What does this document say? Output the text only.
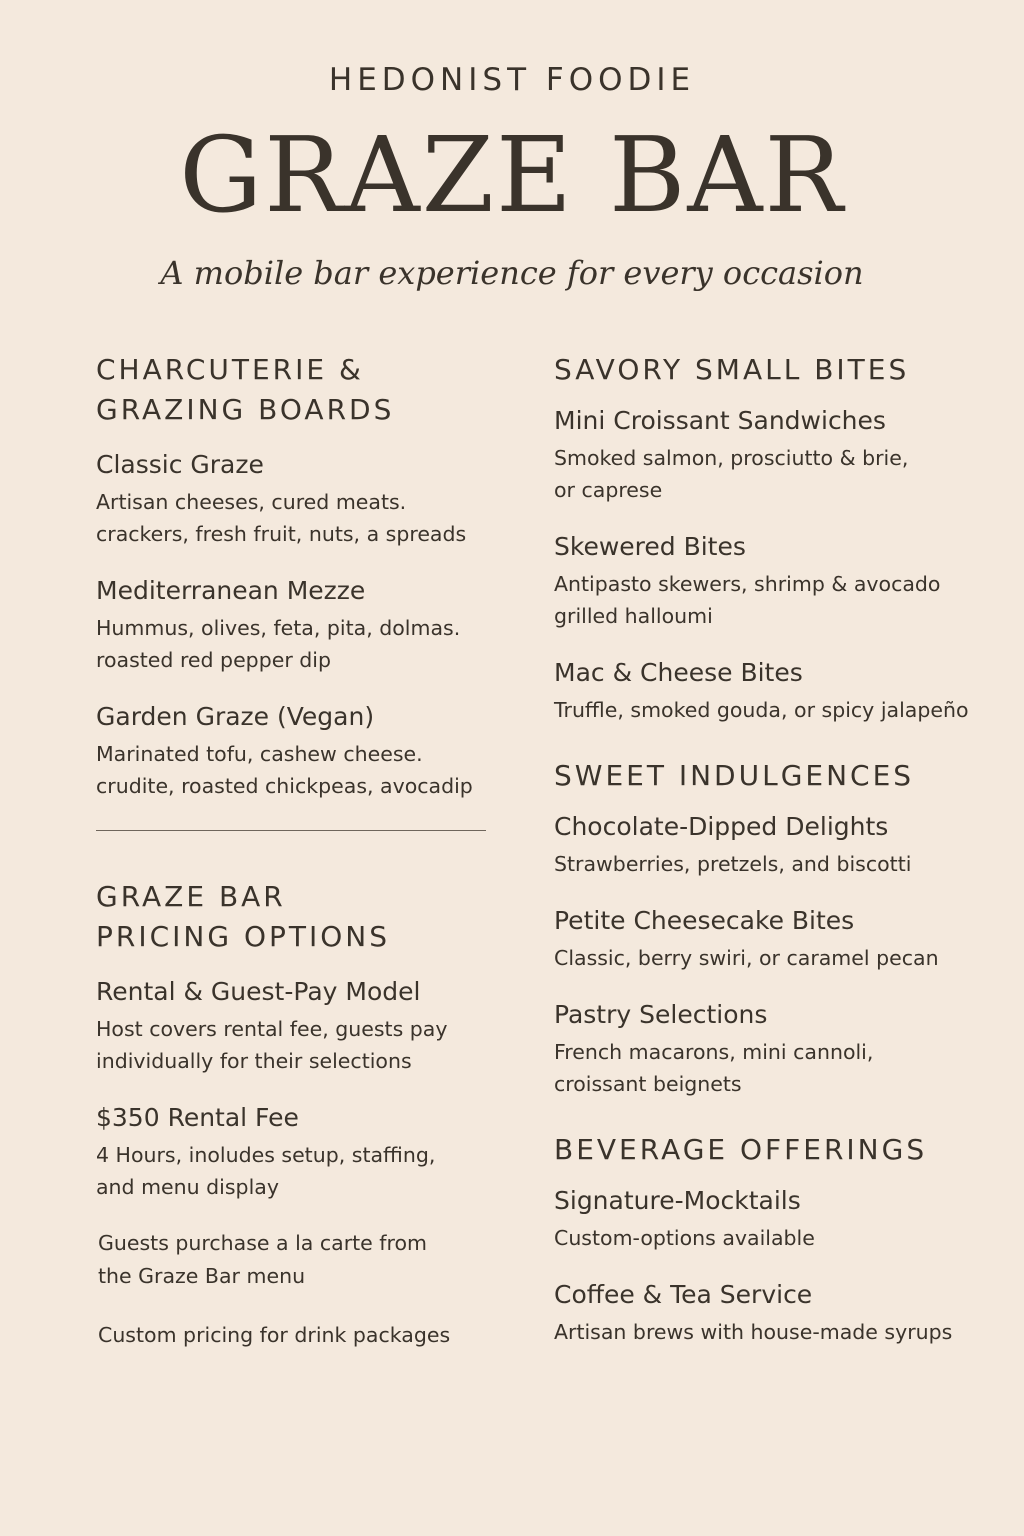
HEDONIST FOODIE
GRAZE BAR
A mobile bar experience for every occasion
CHARCUTERIE &
GRAZING BOARDS
Classic Graze
Artisan cheeses, cured meats.
crackers, fresh fruit, nuts, a spreads
Mediterranean Mezze
Hummus, olives, feta, pita, dolmas.
roasted red pepper dip
Garden Graze (Vegan)
Marinated tofu, cashew cheese.
crudite, roasted chickpeas, avocadip
GRAZE BAR
PRICING OPTIONS
Rental & Guest-Pay Model
Host covers rental fee, guests pay
individually for their selections
$350 Rental Fee
4 Hours, inoludes setup, staffing,
and menu display
Guests purchase a la carte from
the Graze Bar menu
Custom pricing for drink packages
SAVORY SMALL BITES
Mini Croissant Sandwiches
Smoked salmon, prosciutto & brie,
or caprese
Skewered Bites
Antipasto skewers, shrimp & avocado
grilled halloumi
Mac & Cheese Bites
Truffle, smoked gouda, or spicy jalapeño
SWEET INDULGENCES
Chocolate-Dipped Delights
Strawberries, pretzels, and biscotti
Petite Cheesecake Bites
Classic, berry swiri, or caramel pecan
Pastry Selections
French macarons, mini cannoli,
croissant beignets
BEVERAGE OFFERINGS
Signature-Mocktails
Custom-options available
Coffee & Tea Service
Artisan brews with house-made syrups
